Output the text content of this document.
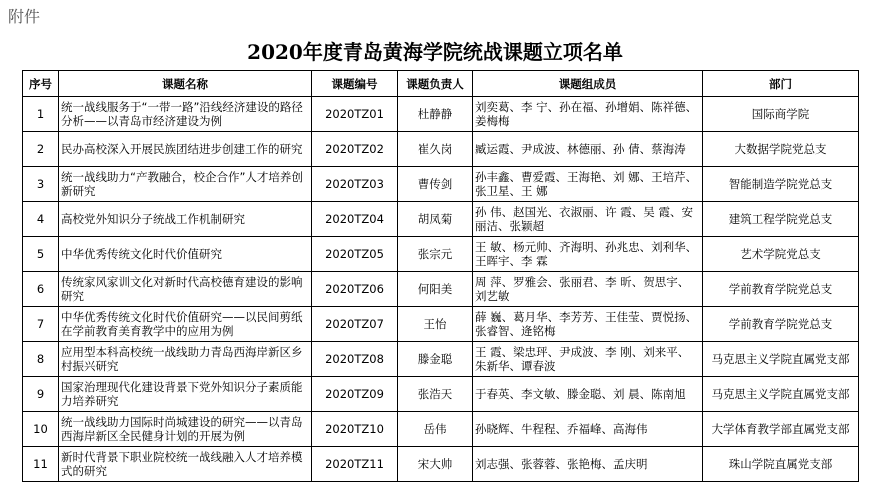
附件
2020年度青岛黄海学院统战课题立项名单
序号	课题名称	课题编号	课题负责人	课题组成员	部门
1	统一战线服务于“一带一路”沿线经济建设的路径分析——以青岛市经济建设为例	2020TZ01	杜静静	刘奕葛、李 宁、孙在福、孙增娟、陈祥德、姜梅梅	国际商学院
2	民办高校深入开展民族团结进步创建工作的研究	2020TZ02	崔久岗	臧运霞、尹成波、林德丽、孙 倩、蔡海涛	大数据学院党总支
3	统一战线助力“产教融合，校企合作”人才培养创新研究	2020TZ03	曹传剑	孙丰鑫、曹爱霞、王海艳、刘 娜、王培芹、张卫星、王 娜	智能制造学院党总支
4	高校党外知识分子统战工作机制研究	2020TZ04	胡凤菊	孙 伟、赵国光、衣淑丽、许 霞、吴 霞、安丽洁、张颖超	建筑工程学院党总支
5	中华优秀传统文化时代价值研究	2020TZ05	张宗元	王 敏、杨元帅、齐海明、孙兆忠、刘利华、王晖宇、李 霖	艺术学院党总支
6	传统家风家训文化对新时代高校德育建设的影响研究	2020TZ06	何阳美	周 萍、罗雅会、张丽君、李 昕、贺思宇、刘艺敏	学前教育学院党总支
7	中华优秀传统文化时代价值研究——以民间剪纸在学前教育美育教学中的应用为例	2020TZ07	王怡	薛 巍、葛月华、李芳芳、王佳莹、贾悦扬、张睿智、逄铭梅	学前教育学院党总支
8	应用型本科高校统一战线助力青岛西海岸新区乡村振兴研究	2020TZ08	滕金聪	王 霞、梁忠玶、尹成波、李 刚、刘来平、朱新华、谭春波	马克思主义学院直属党支部
9	国家治理现代化建设背景下党外知识分子素质能力培养研究	2020TZ09	张浩天	于春英、李文敏、滕金聪、刘 晨、陈南旭	马克思主义学院直属党支部
10	统一战线助力国际时尚城建设的研究——以青岛西海岸新区全民健身计划的开展为例	2020TZ10	岳伟	孙晓辉、牛程程、乔福峰、高海伟	大学体育教学部直属党支部
11	新时代背景下职业院校统一战线融入人才培养模式的研究	2020TZ11	宋大帅	刘志强、张蓉蓉、张艳梅、孟庆明	珠山学院直属党支部
